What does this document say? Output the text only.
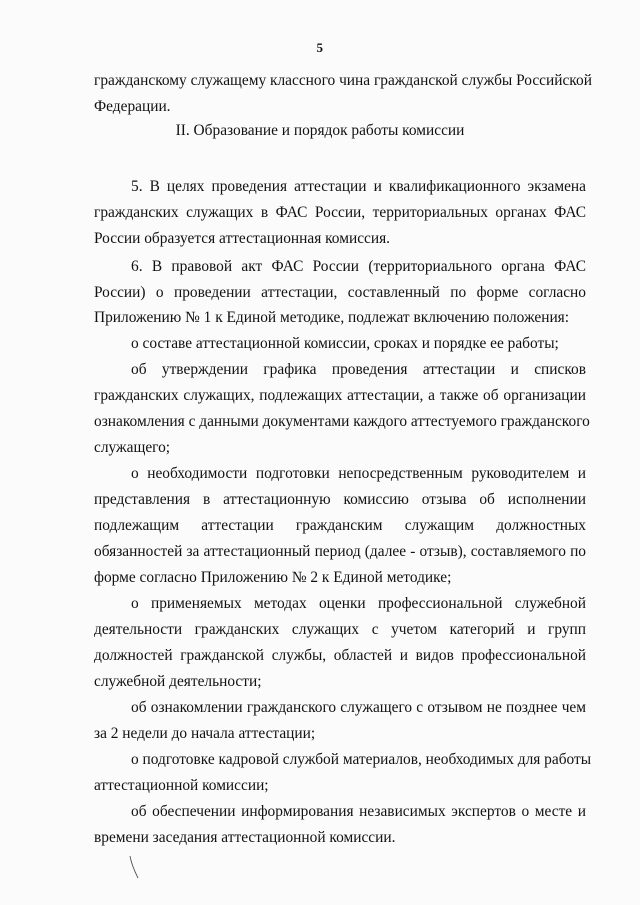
5
гражданскому служащему классного чина гражданской службы Российской
Федерации.
II. Образование и порядок работы комиссии
5. В целях проведения аттестации и квалификационного экзамена
гражданских служащих в ФАС России, территориальных органах ФАС
России образуется аттестационная комиссия.
6. В правовой акт ФАС России (территориального органа ФАС
России) о проведении аттестации, составленный по форме согласно
Приложению № 1 к Единой методике, подлежат включению положения:
о составе аттестационной комиссии, сроках и порядке ее работы;
об утверждении графика проведения аттестации и списков
гражданских служащих, подлежащих аттестации, а также об организации
ознакомления с данными документами каждого аттестуемого гражданского
служащего;
о необходимости подготовки непосредственным руководителем и
представления в аттестационную комиссию отзыва об исполнении
подлежащим аттестации гражданским служащим должностных
обязанностей за аттестационный период (далее - отзыв), составляемого по
форме согласно Приложению № 2 к Единой методике;
о применяемых методах оценки профессиональной служебной
деятельности гражданских служащих с учетом категорий и групп
должностей гражданской службы, областей и видов профессиональной
служебной деятельности;
об ознакомлении гражданского служащего с отзывом не позднее чем
за 2 недели до начала аттестации;
о подготовке кадровой службой материалов, необходимых для работы
аттестационной комиссии;
об обеспечении информирования независимых экспертов о месте и
времени заседания аттестационной комиссии.
